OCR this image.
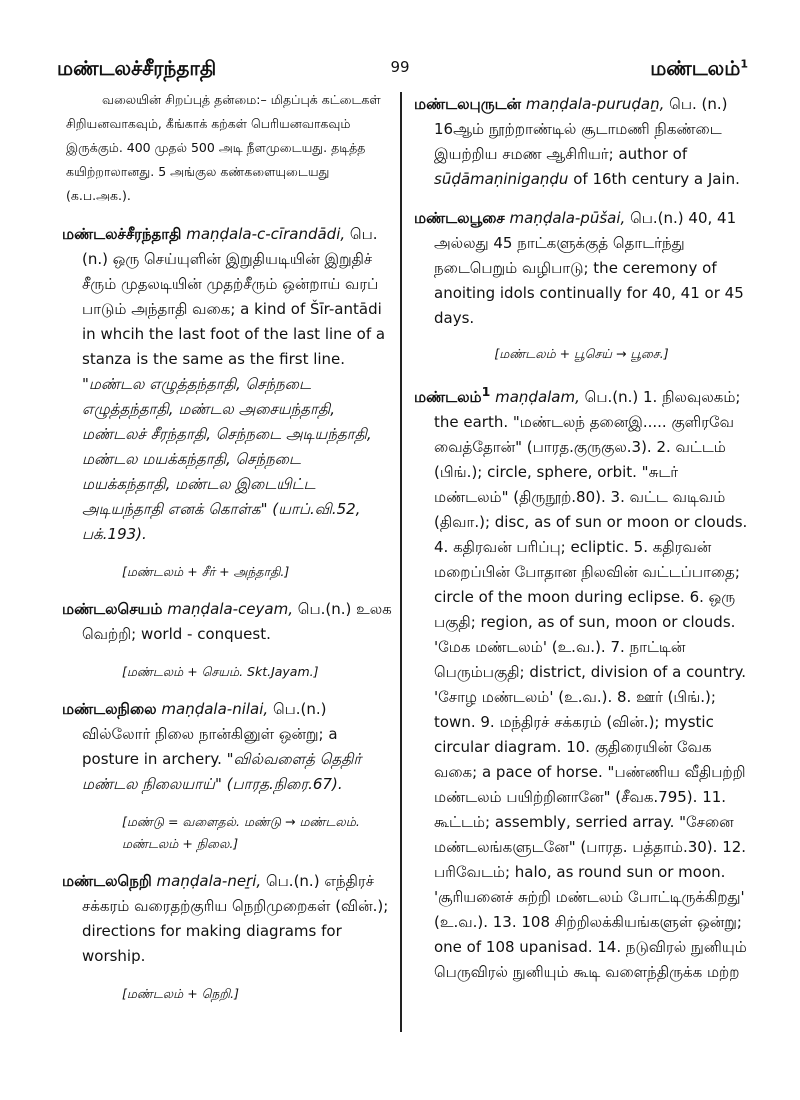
மண்டலச்சீரந்தாதி	99	மண்டலம்$^1$

வலையின் சிறப்புத் தன்மை:– மிதப்புக் கட்டைகள் சிறியனவாகவும், கீங்காக் கற்கள் பெரியனவாகவும் இருக்கும். 400 முதல் 500 அடி நீளமுடையது. தடித்த கயிற்றாலானது. 5 அங்குல கண்களையுடையது (க.ப.அக.).

மண்டலச்சீரந்தாதி maṇḍala-c-cīrandādi, பெ.(n.) ஒரு செய்யுளின் இறுதியடியின் இறுதிச் சீரும் முதலடியின் முதற்சீரும் ஒன்றாய் வரப் பாடும் அந்தாதி வகை; a kind of Šīr-antādi in whcih the last foot of the last line of a stanza is the same as the first line. "மண்டல எழுத்தந்தாதி, செந்நடை எழுத்தந்தாதி, மண்டல அசையந்தாதி, மண்டலச் சீரந்தாதி, செந்நடை அடியந்தாதி, மண்டல மயக்கந்தாதி, செந்நடை மயக்கந்தாதி, மண்டல இடையிட்ட அடியந்தாதி எனக் கொள்க" (யாப்.வி.52, பக்.193).

[மண்டலம் + சீர் + அந்தாதி.]

மண்டலசெயம் maṇḍala-ceyam, பெ.(n.) உலக வெற்றி; world - conquest.

[மண்டலம் + செயம். Skt.Jayam.]

மண்டலநிலை maṇḍala-nilai, பெ.(n.) வில்லோர் நிலை நான்கினுள் ஒன்று; a posture in archery. "வில்வளைத் தெதிர் மண்டல நிலையாய்" (பாரத.நிரை.67).

[மண்டு = வளைதல். மண்டு → மண்டலம். மண்டலம் + நிலை.]

மண்டலநெறி maṇḍala-neṟi, பெ.(n.) எந்திரச் சக்கரம் வரைதற்குரிய நெறிமுறைகள் (வின்.); directions for making diagrams for worship.

[மண்டலம் + நெறி.]

மண்டலபுருடன் maṇḍala-puruḍaṉ, பெ. (n.) 16ஆம் நூற்றாண்டில் சூடாமணி நிகண்டை இயற்றிய சமண ஆசிரியர்; author of sūḍāmaṇinigaṇḍu of 16th century a Jain.

மண்டலபூசை maṇḍala-pūšai, பெ.(n.) 40, 41 அல்லது 45 நாட்களுக்குத் தொடர்ந்து நடைபெறும் வழிபாடு; the ceremony of anoiting idols continually for 40, 41 or 45 days.

[மண்டலம் + பூசெய் → பூசை.]

மண்டலம்$^1$ maṇḍalam, பெ.(n.) 1. நிலவுலகம்; the earth. "மண்டலந் தனைஇ..... குளிரவே வைத்தோன்" (பாரத.குருகுல.3). 2. வட்டம் (பிங்.); circle, sphere, orbit. "சுடர் மண்டலம்" (திருநூற்.80). 3. வட்ட வடிவம் (திவா.); disc, as of sun or moon or clouds. 4. கதிரவன் பரிப்பு; ecliptic. 5. கதிரவன் மறைப்பின் போதான நிலவின் வட்டப்பாதை; circle of the moon during eclipse. 6. ஒரு பகுதி; region, as of sun, moon or clouds. 'மேக மண்டலம்' (உ.வ.). 7. நாட்டின் பெரும்பகுதி; district, division of a country. 'சோழ மண்டலம்' (உ.வ.). 8. ஊர் (பிங்.); town. 9. மந்திரச் சக்கரம் (வின்.); mystic circular diagram. 10. குதிரையின் வேக வகை; a pace of horse. "பண்ணிய வீதிபற்றி மண்டலம் பயிற்றினானே" (சீவக.795). 11. கூட்டம்; assembly, serried array. "சேனை மண்டலங்களுடனே" (பாரத. பத்தாம்.30). 12. பரிவேடம்; halo, as round sun or moon. 'சூரியனைச் சுற்றி மண்டலம் போட்டிருக்கிறது' (உ.வ.). 13. 108 சிற்றிலக்கியங்களுள் ஒன்று; one of 108 upanisad. 14. நடுவிரல் நுனியும் பெருவிரல் நுனியும் கூடி வளைந்திருக்க மற்ற
